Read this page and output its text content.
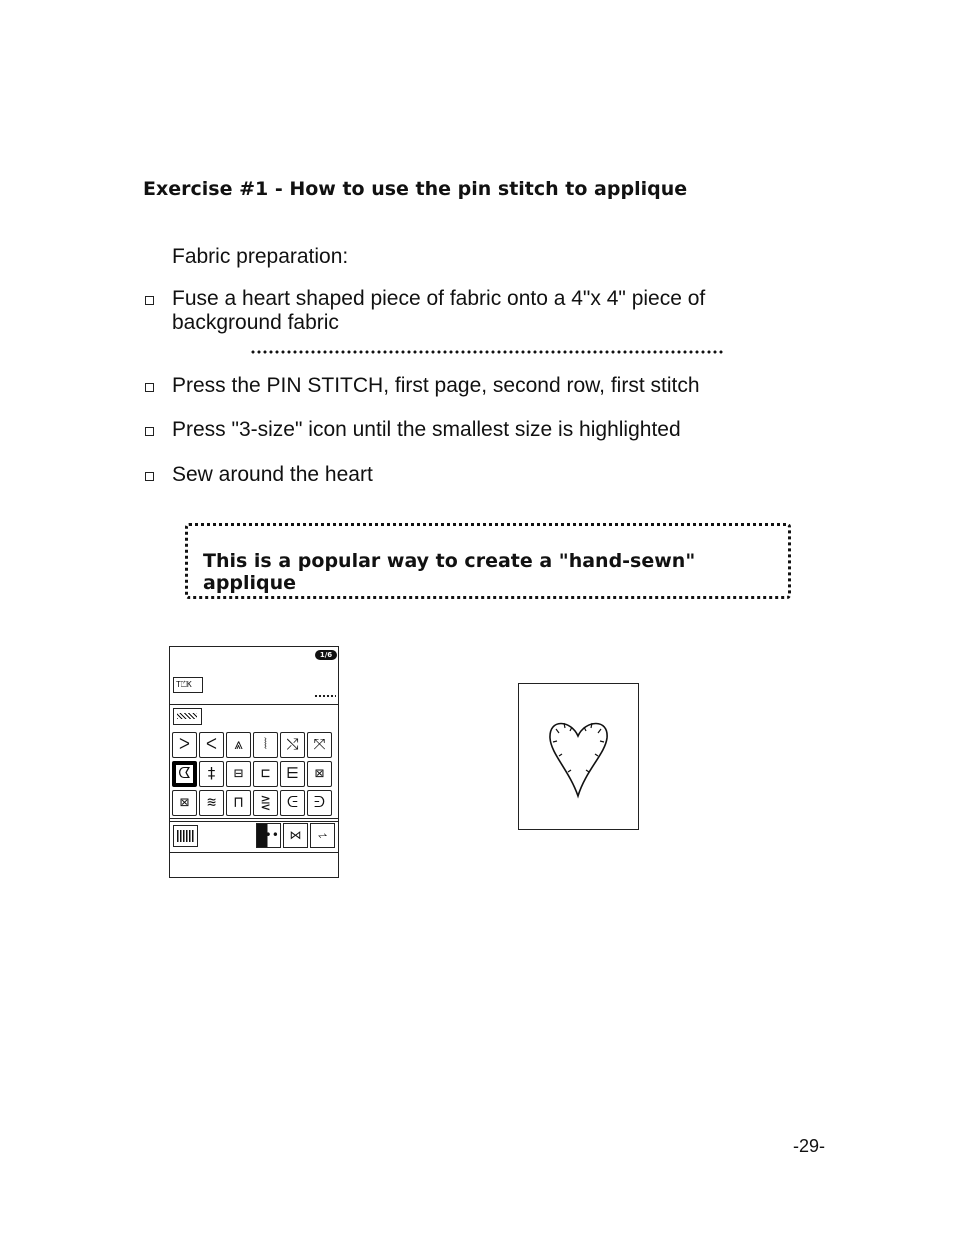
Exercise #1 - How to use the pin stitch to applique
Fabric preparation:
Fuse a heart shaped piece of fabric onto a 4"x 4" piece of background fabric
Press the PIN STITCH, first page, second row, first stitch
Press "3-size" icon until the smallest size is highlighted
Sew around the heart
This is a popular way to create a "hand-sewn" applique
1/6
T⏍K
ᐳ	ᐸ	⩓	⦚	⤭ ⤧
ᗧ	‡	⊟	⊏	⋿	⊠
⊠	≋	⊓	⋛	ᕮ	ᕭ
•• ⋈	⥋
-29-
